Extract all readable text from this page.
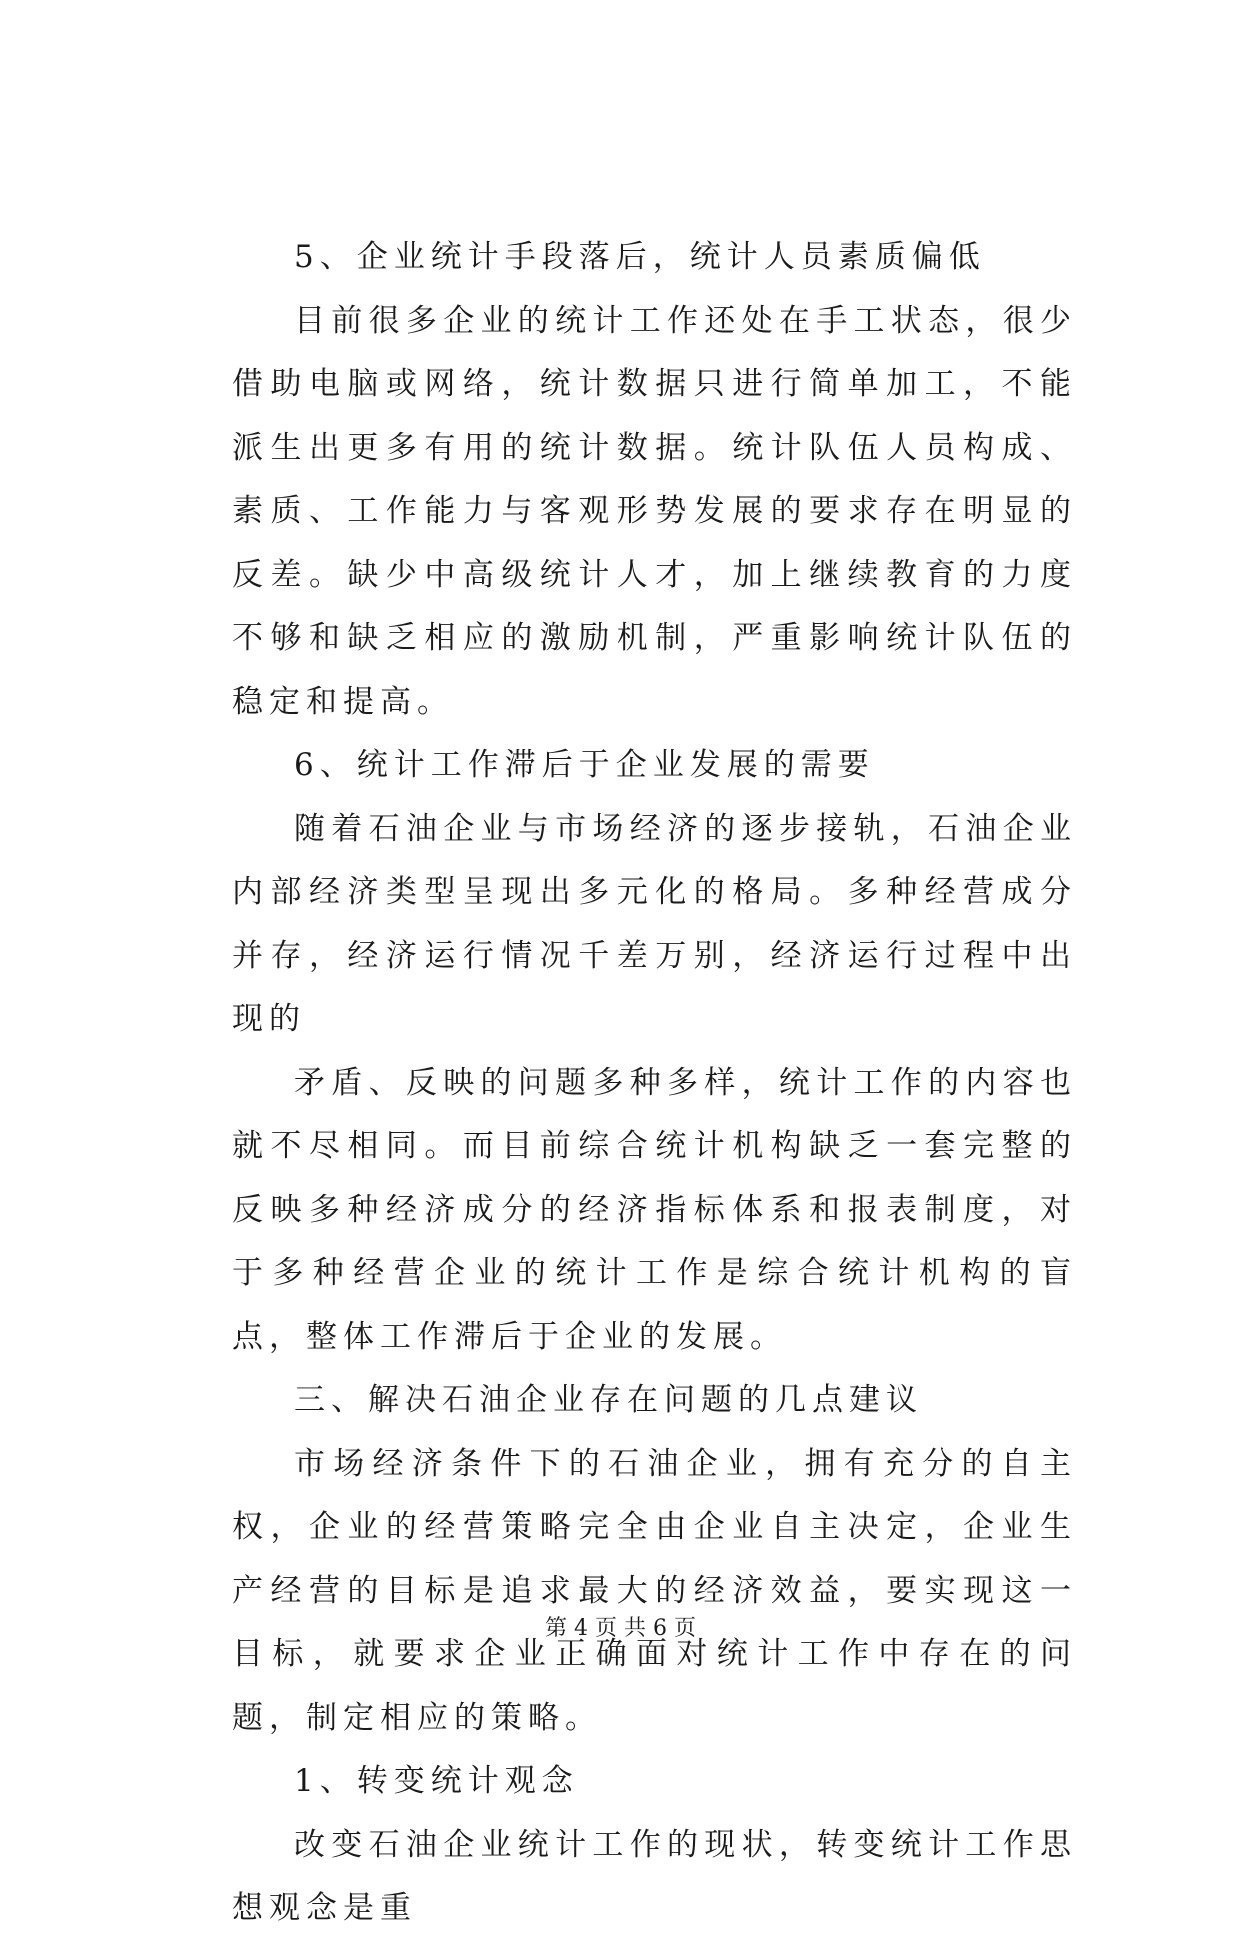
5、企业统计手段落后，统计人员素质偏低

目前很多企业的统计工作还处在手工状态，很少借助电脑或网络，统计数据只进行简单加工，不能派生出更多有用的统计数据。统计队伍人员构成、素质、工作能力与客观形势发展的要求存在明显的反差。缺少中高级统计人才，加上继续教育的力度不够和缺乏相应的激励机制，严重影响统计队伍的稳定和提高。

6、统计工作滞后于企业发展的需要

随着石油企业与市场经济的逐步接轨，石油企业内部经济类型呈现出多元化的格局。多种经营成分并存，经济运行情况千差万别，经济运行过程中出现的

矛盾、反映的问题多种多样，统计工作的内容也就不尽相同。而目前综合统计机构缺乏一套完整的反映多种经济成分的经济指标体系和报表制度，对于多种经营企业的统计工作是综合统计机构的盲点，整体工作滞后于企业的发展。

三、解决石油企业存在问题的几点建议

市场经济条件下的石油企业，拥有充分的自主权，企业的经营策略完全由企业自主决定，企业生产经营的目标是追求最大的经济效益，要实现这一目标，就要求企业正确面对统计工作中存在的问题，制定相应的策略。

1、转变统计观念

改变石油企业统计工作的现状，转变统计工作思想观念是重

第 4 页 共 6 页
